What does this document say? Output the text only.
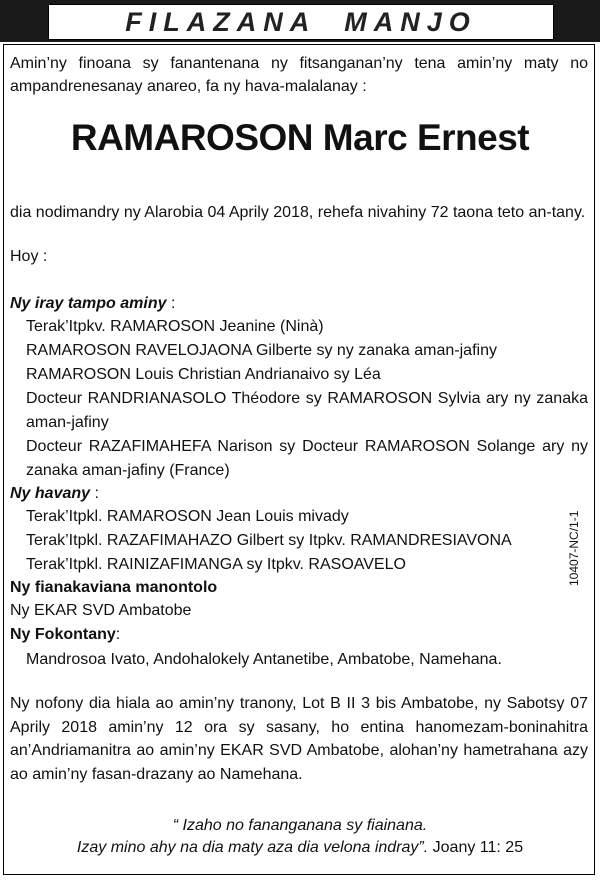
FILAZANA  MANJO

Amin’ny finoana sy fanantenana ny fitsanganan’ny tena amin’ny maty no ampandrenesanay anareo, fa ny hava-malalanay :

RAMAROSON Marc Ernest

dia nodimandry ny Alarobia 04 Aprily 2018, rehefa nivahiny 72 taona teto an-tany.

Hoy :

Ny iray tampo aminy :

Terak’Itpkv. RAMAROSON Jeanine (Ninà)

RAMAROSON RAVELOJAONA Gilberte sy ny zanaka aman-jafiny

RAMAROSON Louis Christian Andrianaivo sy Léa

Docteur RANDRIANASOLO Théodore sy RAMAROSON Sylvia ary ny zanaka aman-jafiny

Docteur RAZAFIMAHEFA Narison sy Docteur RAMAROSON Solange ary ny zanaka aman-jafiny (France)

Ny havany :

Terak’Itpkl. RAMAROSON Jean Louis mivady

Terak’Itpkl. RAZAFIMAHAZO Gilbert sy Itpkv. RAMANDRESIAVONA

Terak’Itpkl. RAINIZAFIMANGA sy Itpkv. RASOAVELO

Ny fianakaviana manontolo

Ny EKAR SVD Ambatobe

Ny Fokontany:

Mandrosoa Ivato, Andohalokely Antanetibe, Ambatobe, Namehana.

Ny nofony dia hiala ao amin’ny tranony, Lot B II 3 bis Ambatobe, ny Sabotsy 07 Aprily 2018 amin’ny 12 ora sy sasany, ho entina hanomezam-boninahitra an’Andriamanitra ao amin’ny EKAR SVD Ambatobe, alohan’ny hametrahana azy ao amin’ny fasan-drazany ao Namehana.

“ Izaho no fananganana sy fiainana.
Izay mino ahy na dia maty aza dia velona indray”. Joany 11: 25
10407-NC/1-1
